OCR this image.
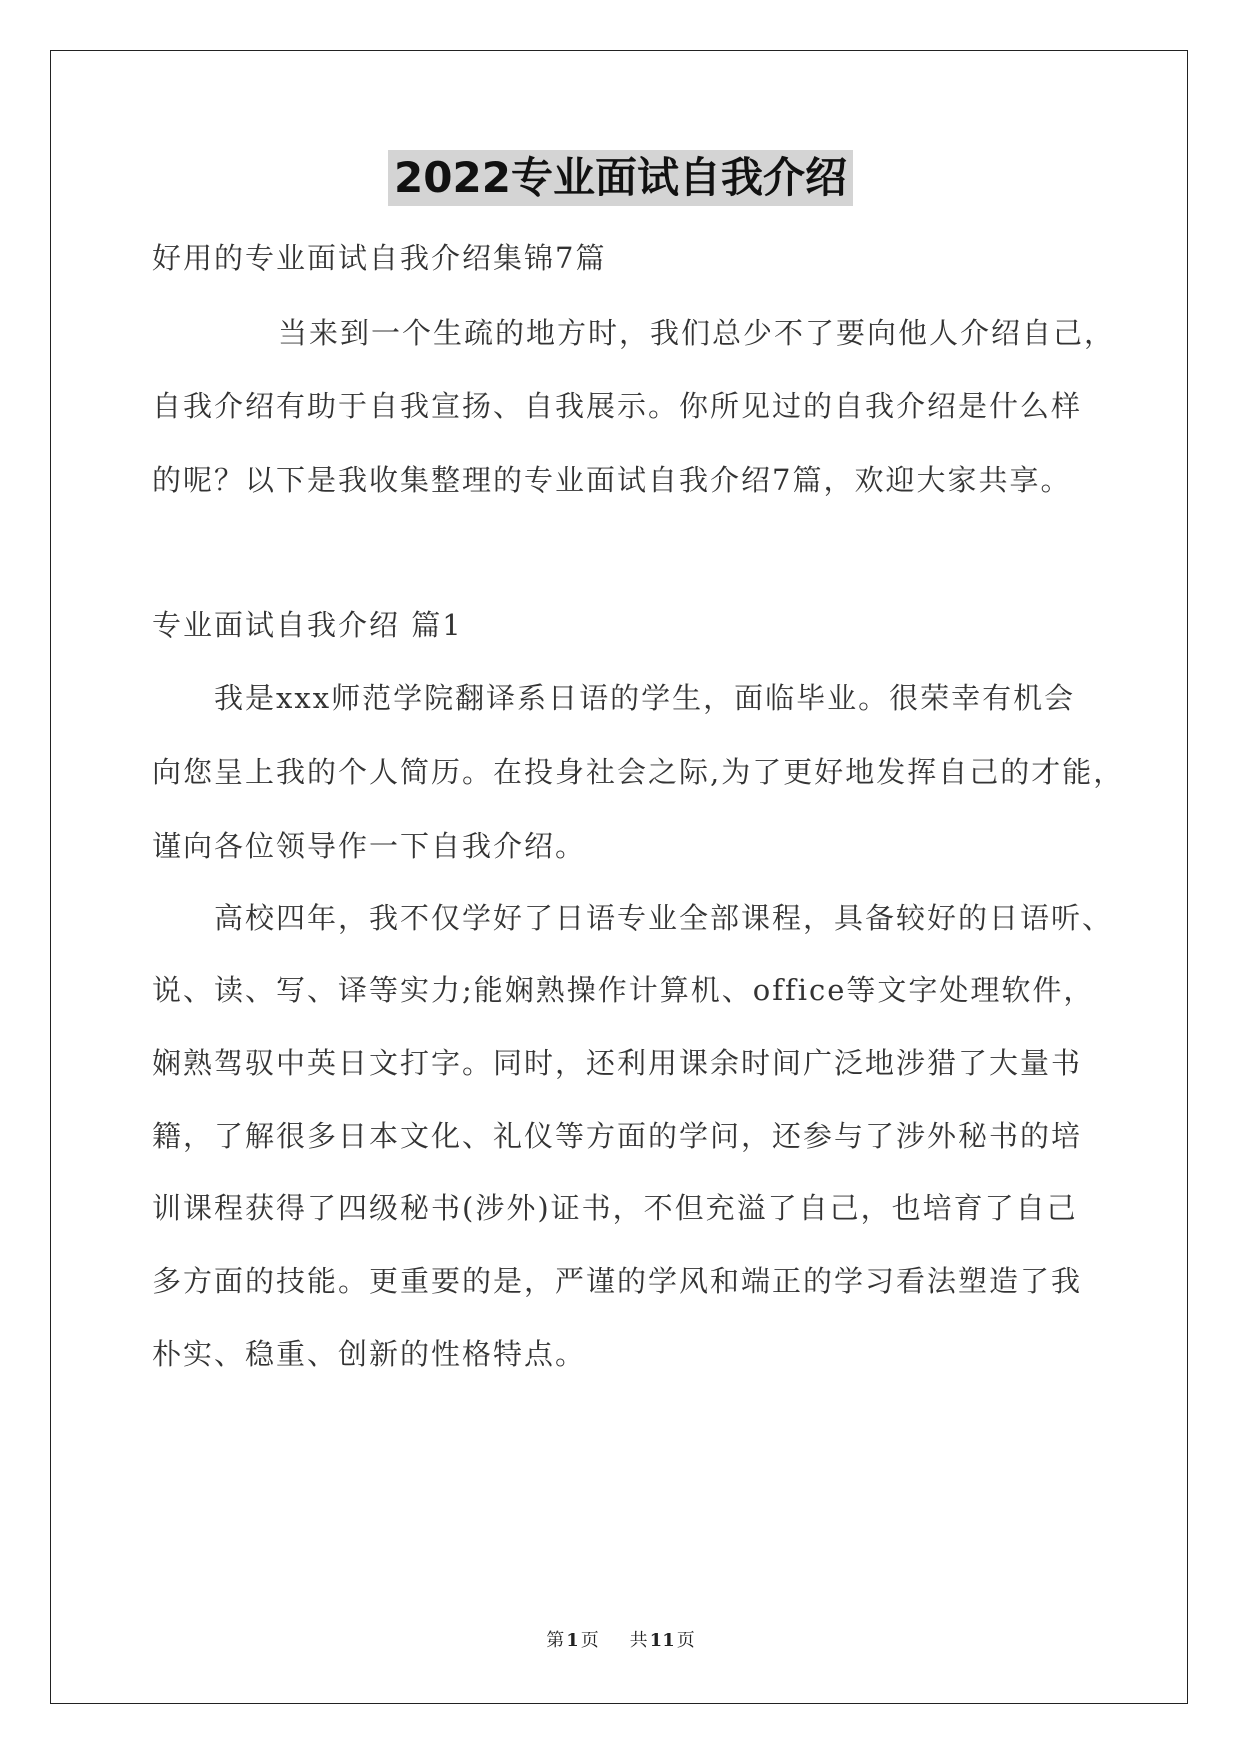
2022专业面试自我介绍
好用的专业面试自我介绍集锦7篇
当来到一个生疏的地方时，我们总少不了要向他人介绍自己，
自我介绍有助于自我宣扬、自我展示。你所见过的自我介绍是什么样
的呢？以下是我收集整理的专业面试自我介绍7篇，欢迎大家共享。
专业面试自我介绍 篇1
我是xxx师范学院翻译系日语的学生，面临毕业。很荣幸有机会
向您呈上我的个人简历。在投身社会之际,为了更好地发挥自己的才能，
谨向各位领导作一下自我介绍。
高校四年，我不仅学好了日语专业全部课程，具备较好的日语听、
说、读、写、译等实力;能娴熟操作计算机、office等文字处理软件，
娴熟驾驭中英日文打字。同时，还利用课余时间广泛地涉猎了大量书
籍，了解很多日本文化、礼仪等方面的学问，还参与了涉外秘书的培
训课程获得了四级秘书(涉外)证书，不但充溢了自己，也培育了自己
多方面的技能。更重要的是，严谨的学风和端正的学习看法塑造了我
朴实、稳重、创新的性格特点。
第 1 页 共 11 页
